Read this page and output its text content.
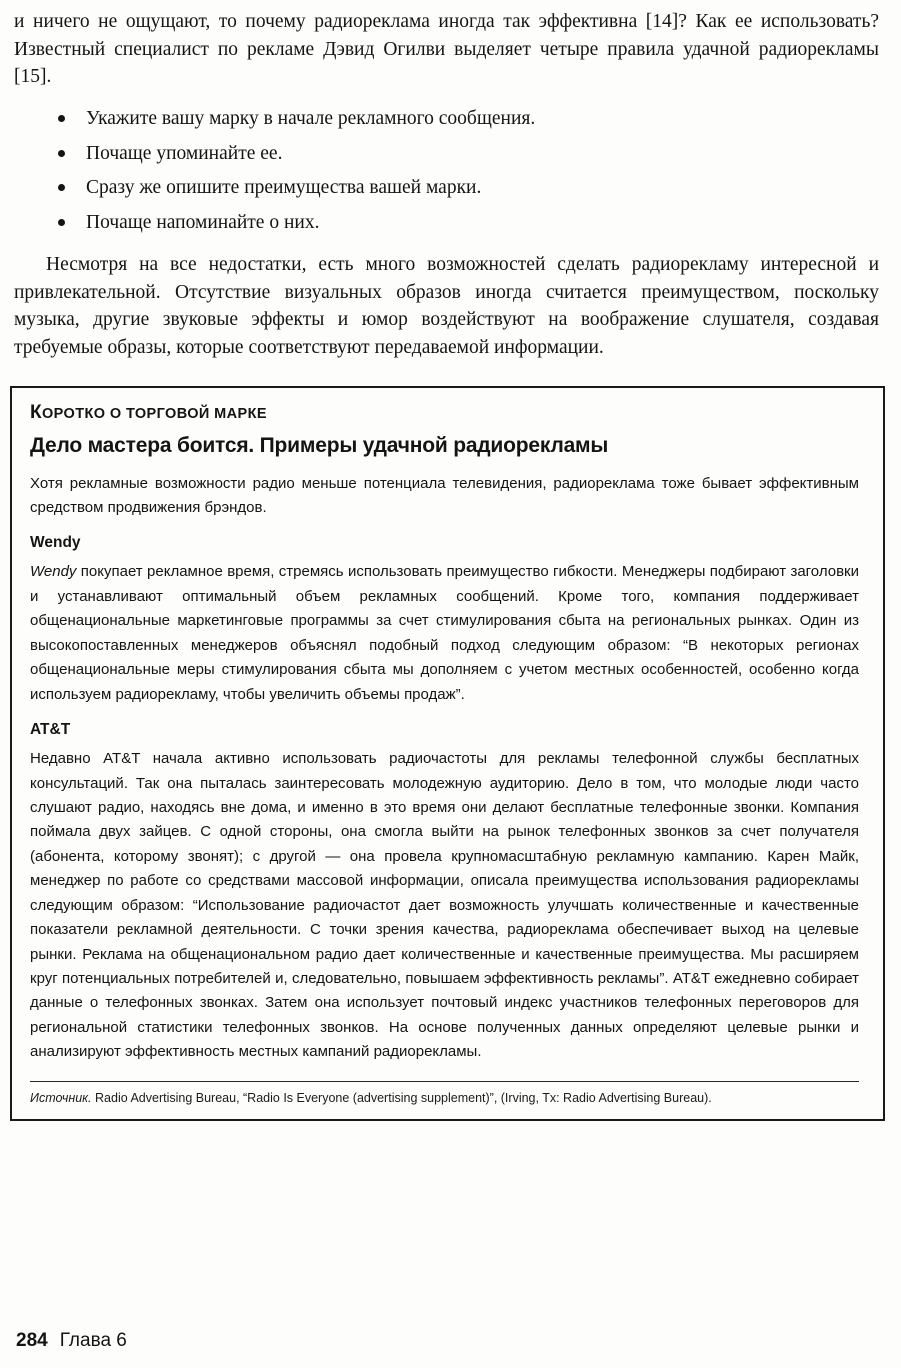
и ничего не ощущают, то почему радиореклама иногда так эффективна [14]? Как ее использовать? Известный специалист по рекламе Дэвид Огилви выделяет четыре правила удачной радиорекламы [15].

Укажите вашу марку в начале рекламного сообщения.
Почаще упоминайте ее.
Сразу же опишите преимущества вашей марки.
Почаще напоминайте о них.

Несмотря на все недостатки, есть много возможностей сделать радиорекламу интересной и привлекательной. Отсутствие визуальных образов иногда считается преимуществом, поскольку музыка, другие звуковые эффекты и юмор воздействуют на воображение слушателя, создавая требуемые образы, которые соответствуют передаваемой информации.

КОРОТКО О ТОРГОВОЙ МАРКЕ
Дело мастера боится. Примеры удачной радиорекламы

Хотя рекламные возможности радио меньше потенциала телевидения, радиореклама тоже бывает эффективным средством продвижения брэндов.

Wendy

Wendy покупает рекламное время, стремясь использовать преимущество гибкости. Менеджеры подбирают заголовки и устанавливают оптимальный объем рекламных сообщений. Кроме того, компания поддерживает общенациональные маркетинговые программы за счет стимулирования сбыта на региональных рынках. Один из высокопоставленных менеджеров объяснял подобный подход следующим образом: “В некоторых регионах общенациональные меры стимулирования сбыта мы дополняем с учетом местных особенностей, особенно когда используем радиорекламу, чтобы увеличить объемы продаж”.

AT&T

Недавно AT&T начала активно использовать радиочастоты для рекламы телефонной службы бесплатных консультаций. Так она пыталась заинтересовать молодежную аудиторию. Дело в том, что молодые люди часто слушают радио, находясь вне дома, и именно в это время они делают бесплатные телефонные звонки. Компания поймала двух зайцев. С одной стороны, она смогла выйти на рынок телефонных звонков за счет получателя (абонента, которому звонят); с другой — она провела крупномасштабную рекламную кампанию. Карен Майк, менеджер по работе со средствами массовой информации, описала преимущества использования радиорекламы следующим образом: “Использование радиочастот дает возможность улучшать количественные и качественные показатели рекламной деятельности. С точки зрения качества, радиореклама обеспечивает выход на целевые рынки. Реклама на общенациональном радио дает количественные и качественные преимущества. Мы расширяем круг потенциальных потребителей и, следовательно, повышаем эффективность рекламы”. AT&T ежедневно собирает данные о телефонных звонках. Затем она использует почтовый индекс участников телефонных переговоров для региональной статистики телефонных звонков. На основе полученных данных определяют целевые рынки и анализируют эффективность местных кампаний радиорекламы.

Источник. Radio Advertising Bureau, “Radio Is Everyone (advertising supplement)”, (Irving, Tx: Radio Advertising Bureau).
284 Глава 6
